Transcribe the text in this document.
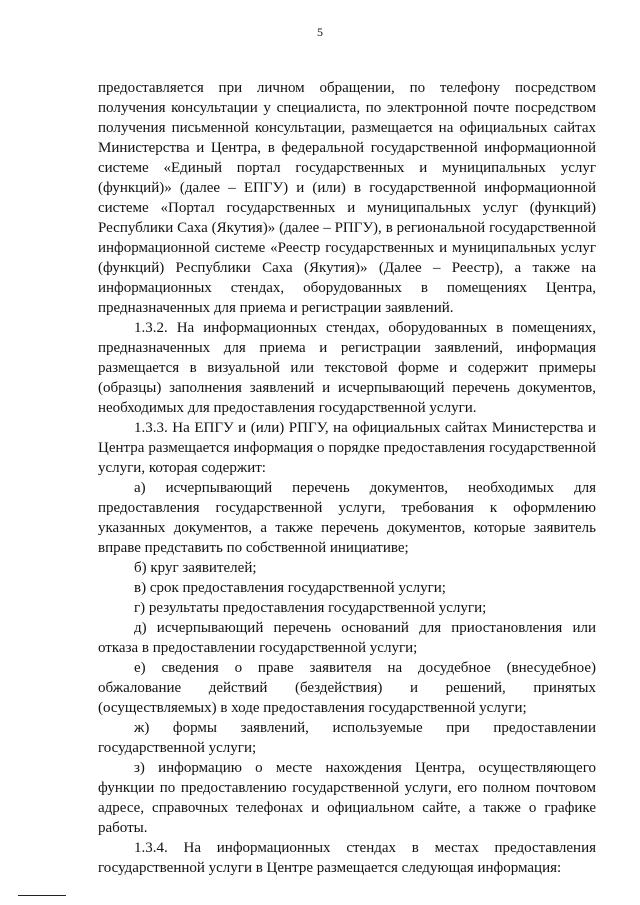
5

предоставляется при личном обращении, по телефону посредством получения консультации у специалиста, по электронной почте посредством получения письменной консультации, размещается на официальных сайтах Министерства и Центра, в федеральной государственной информационной системе «Единый портал государственных и муниципальных услуг (функций)» (далее – ЕПГУ) и (или) в государственной информационной системе «Портал государственных и муниципальных услуг (функций) Республики Саха (Якутия)» (далее – РПГУ), в региональной государственной информационной системе «Реестр государственных и муниципальных услуг (функций) Республики Саха (Якутия)» (Далее – Реестр), а также на информационных стендах, оборудованных в помещениях Центра, предназначенных для приема и регистрации заявлений.

1.3.2. На информационных стендах, оборудованных в помещениях, предназначенных для приема и регистрации заявлений, информация размещается в визуальной или текстовой форме и содержит примеры (образцы) заполнения заявлений и исчерпывающий перечень документов, необходимых для предоставления государственной услуги.

1.3.3. На ЕПГУ и (или) РПГУ, на официальных сайтах Министерства и Центра размещается информация о порядке предоставления государственной услуги, которая содержит:

а) исчерпывающий перечень документов, необходимых для предоставления государственной услуги, требования к оформлению указанных документов, а также перечень документов, которые заявитель вправе представить по собственной инициативе;

б) круг заявителей;

в) срок предоставления государственной услуги;

г) результаты предоставления государственной услуги;

д) исчерпывающий перечень оснований для приостановления или отказа в предоставлении государственной услуги;

е) сведения о праве заявителя на досудебное (внесудебное) обжалование действий (бездействия) и решений, принятых (осуществляемых) в ходе предоставления государственной услуги;

ж) формы заявлений, используемые при предоставлении государственной услуги;

з) информацию о месте нахождения Центра, осуществляющего функции по предоставлению государственной услуги, его полном почтовом адресе, справочных телефонах и официальном сайте, а также о графике работы.

1.3.4. На информационных стендах в местах предоставления государственной услуги в Центре размещается следующая информация:
